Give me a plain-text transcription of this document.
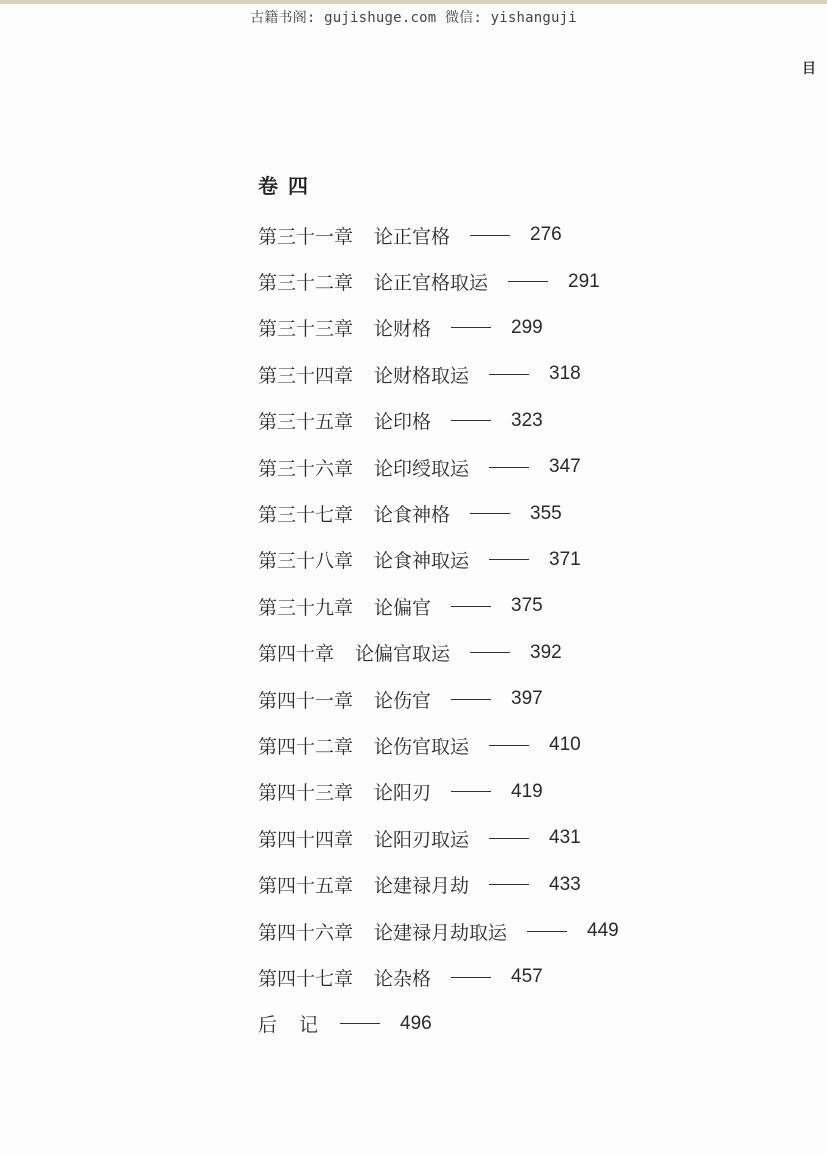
古籍书阁: gujishuge.com 微信: yishanguji
目
卷四
第三十一章 论正官格	276
第三十二章 论正官格取运	291
第三十三章 论财格	299
第三十四章 论财格取运	318
第三十五章 论印格	323
第三十六章 论印绶取运	347
第三十七章 论食神格	355
第三十八章 论食神取运	371
第三十九章 论偏官	375
第四十章 论偏官取运	392
第四十一章 论伤官	397
第四十二章 论伤官取运	410
第四十三章 论阳刃	419
第四十四章 论阳刃取运	431
第四十五章 论建禄月劫	433
第四十六章 论建禄月劫取运	449
第四十七章 论杂格	457
后记	496
